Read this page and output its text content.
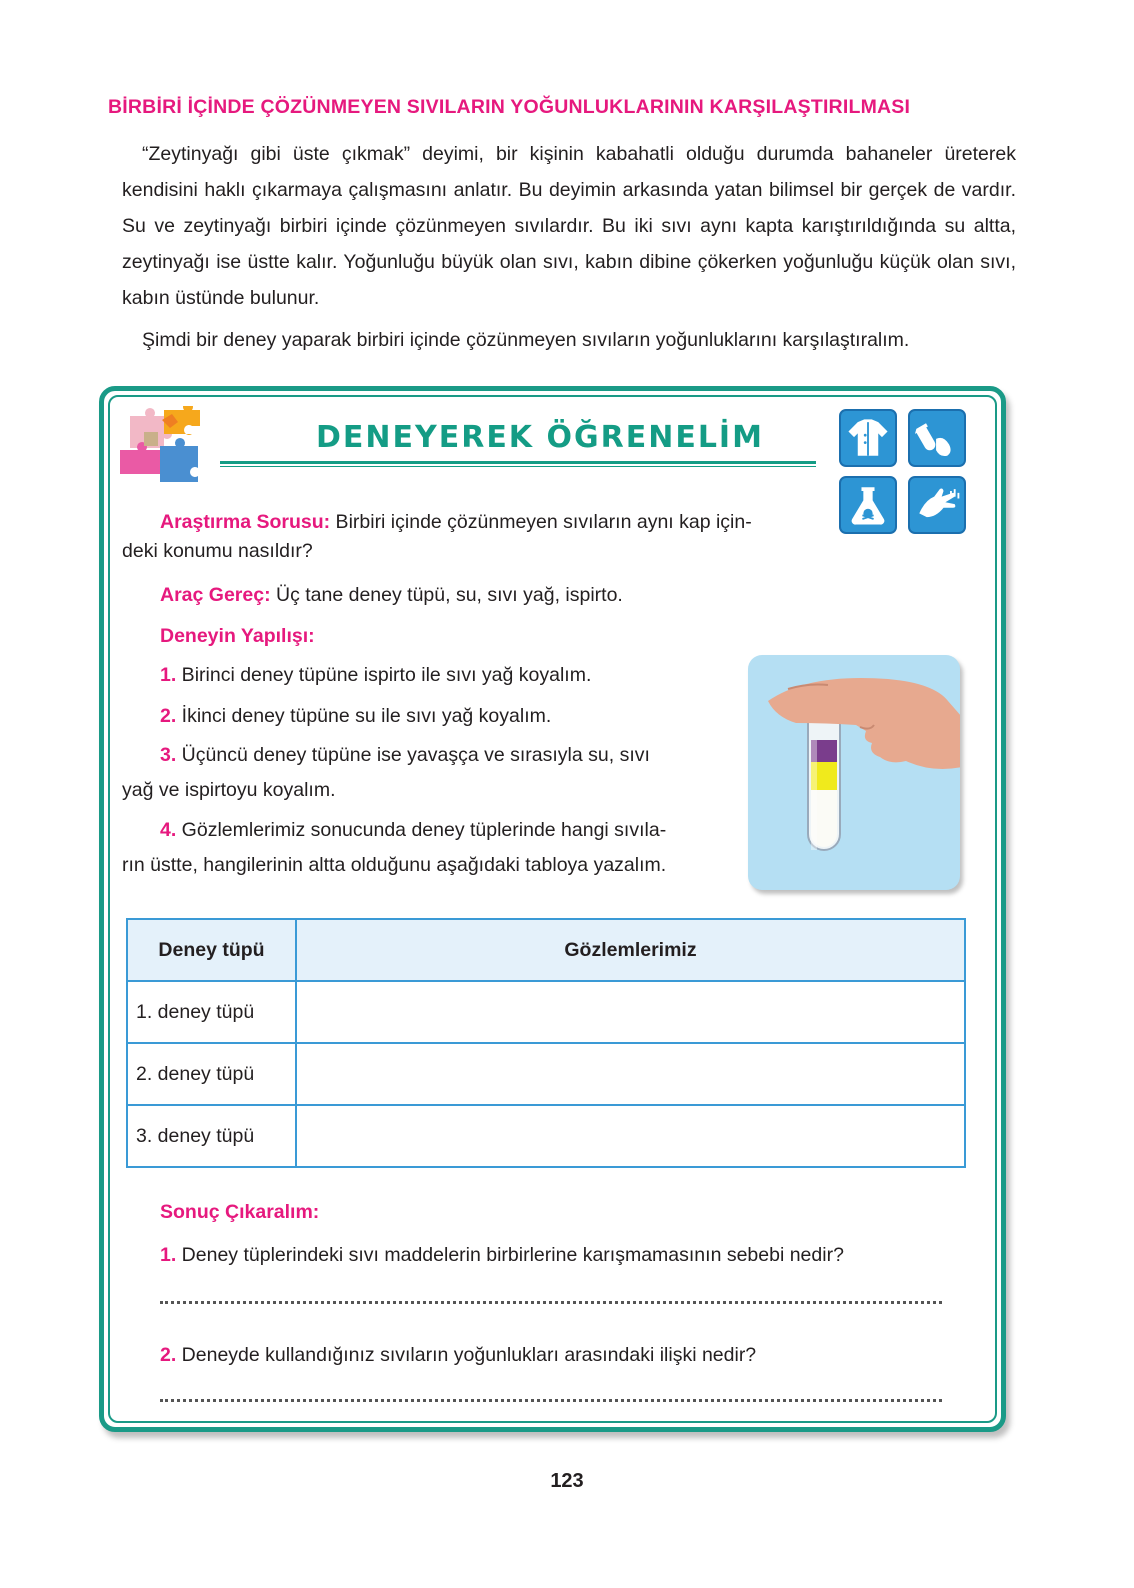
BİRBİRİ İÇİNDE ÇÖZÜNMEYEN SIVILARIN YOĞUNLUKLARININ KARŞILAŞTIRILMASI
“Zeytinyağı gibi üste çıkmak” deyimi, bir kişinin kabahatli olduğu durumda bahaneler üreterek kendisini haklı çıkarmaya çalışmasını anlatır. Bu deyimin arkasında yatan bilimsel bir gerçek de vardır. Su ve zeytinyağı birbiri içinde çözünmeyen sıvılardır. Bu iki sıvı aynı kapta karıştırıldığında su altta, zeytinyağı ise üstte kalır. Yoğunluğu büyük olan sıvı, kabın dibine çökerken yoğunluğu küçük olan sıvı, kabın üstünde bulunur.
Şimdi bir deney yaparak birbiri içinde çözünmeyen sıvıların yoğunluklarını karşılaştıralım.
DENEYEREK ÖĞRENELİM
Araştırma Sorusu: Birbiri içinde çözünmeyen sıvıların aynı kap için-
deki konumu nasıldır?
Araç Gereç: Üç tane deney tüpü, su, sıvı yağ, ispirto.
Deneyin Yapılışı:
1. Birinci deney tüpüne ispirto ile sıvı yağ koyalım.
2. İkinci deney tüpüne su ile sıvı yağ koyalım.
3. Üçüncü deney tüpüne ise yavaşça ve sırasıyla su, sıvı
yağ ve ispirtoyu koyalım.
4. Gözlemlerimiz sonucunda deney tüplerinde hangi sıvıla-
rın üstte, hangilerinin altta olduğunu aşağıdaki tabloya yazalım.
Deney tüpü	Gözlemlerimiz
1. deney tüpü	
2. deney tüpü	
3. deney tüpü	
Sonuç Çıkaralım:
1. Deney tüplerindeki sıvı maddelerin birbirlerine karışmamasının sebebi nedir?
2. Deneyde kullandığınız sıvıların yoğunlukları arasındaki ilişki nedir?
123
